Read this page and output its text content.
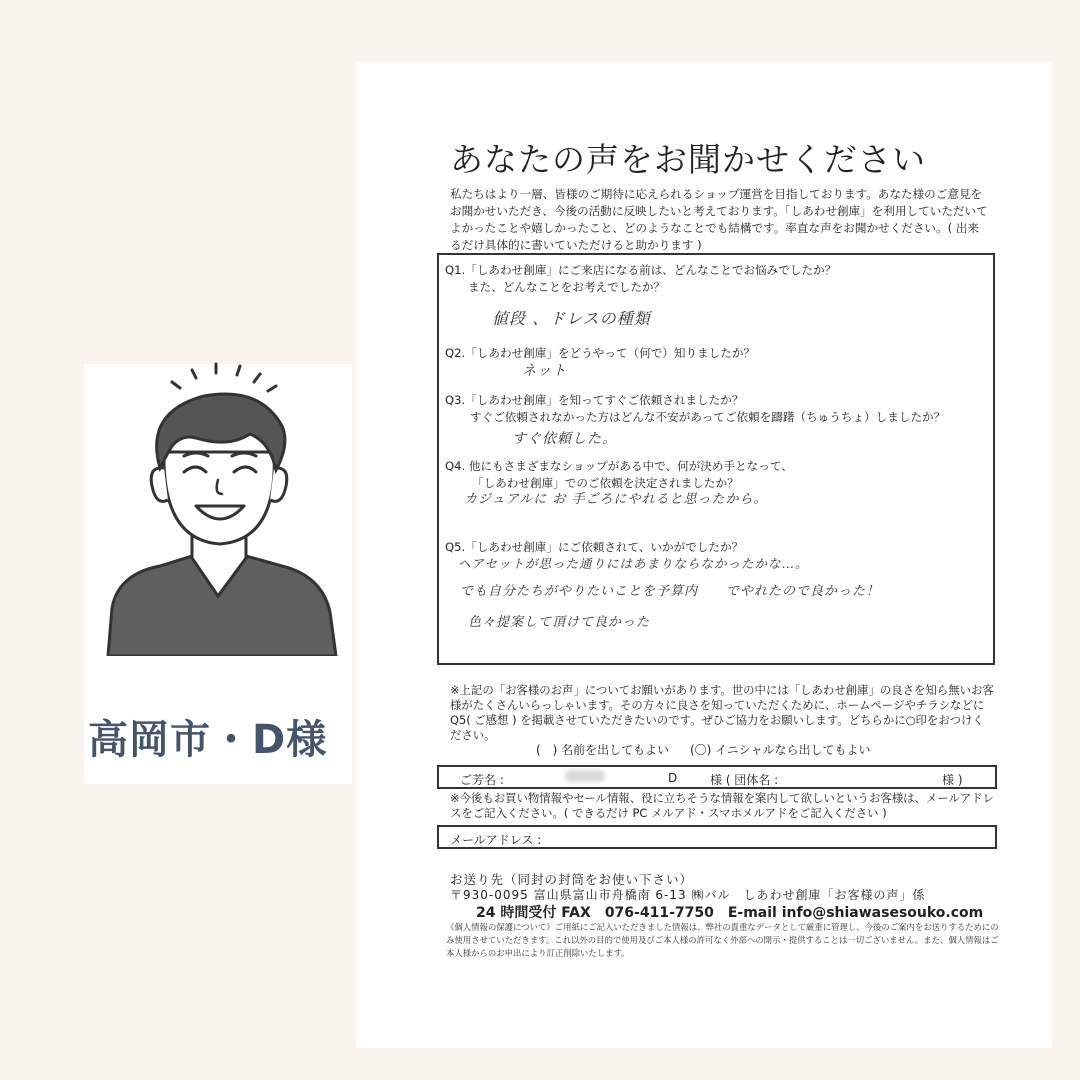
高岡市・D様
あなたの声をお聞かせください
私たちはより一層、皆様のご期待に応えられるショップ運営を目指しております。あなた様のご意見をお聞かせいただき、今後の活動に反映したいと考えております。「しあわせ創庫」を利用していただいてよかったことや嬉しかったこと、どのようなことでも結構です。率直な声をお聞かせください。( 出来るだけ具体的に書いていただけると助かります )
Q1.「しあわせ創庫」にご来店になる前は、どんなことでお悩みでしたか？
また、どんなことをお考えでしたか？
値段 、ドレスの種類
Q2.「しあわせ創庫」をどうやって（何で）知りましたか？
ネット
Q3.「しあわせ創庫」を知ってすぐご依頼されましたか？
すぐご依頼されなかった方はどんな不安があってご依頼を躊躇（ちゅうちょ）しましたか？
すぐ依頼した。
Q4. 他にもさまざまなショップがある中で、何が決め手となって、
「しあわせ創庫」でのご依頼を決定されましたか？
カジュアルに お 手ごろにやれると思ったから。
Q5.「しあわせ創庫」にご依頼されて、いかがでしたか？
ヘアセットが思った通りにはあまりならなかったかな…。
でも自分たちがやりたいことを予算内　　でやれたので良かった！
色々提案して頂けて良かった
※上記の「お客様のお声」についてお願いがあります。世の中には「しあわせ創庫」の良さを知ら無いお客様がたくさんいらっしゃいます。その方々に良さを知っていただくために、ホームページやチラシなどに Q5( ご感想 ) を掲載させていただきたいのです。ぜひご協力をお願いします。どちらかに○印をおつけください。
(　) 名前を出してもよい (〇) イニシャルなら出してもよい
ご芳名 :	D	様 ( 団体名 :	様 )
※今後もお買い物情報やセール情報、役に立ちそうな情報を案内して欲しいというお客様は、メールアドレスをご記入ください。( できるだけ PC メルアド・スマホメルアドをご記入ください )
メールアドレス :
お送り先（同封の封筒をお使い下さい）
〒930-0095 富山県富山市舟橋南 6-13 ㈱バル　しあわせ創庫「お客様の声」係
24 時間受付 FAX　076-411-7750　E-mail info@shiawasesouko.com
《個人情報の保護について》ご用紙にご記入いただきました情報は、弊社の貴重なデータとして厳重に管理し、今後のご案内をお送りするためにのみ使用させていただきます。これ以外の目的で使用及びご本人様の許可なく外部への開示・提供することは一切ございません。また、個人情報はご本人様からのお申出により訂正削除いたします。
